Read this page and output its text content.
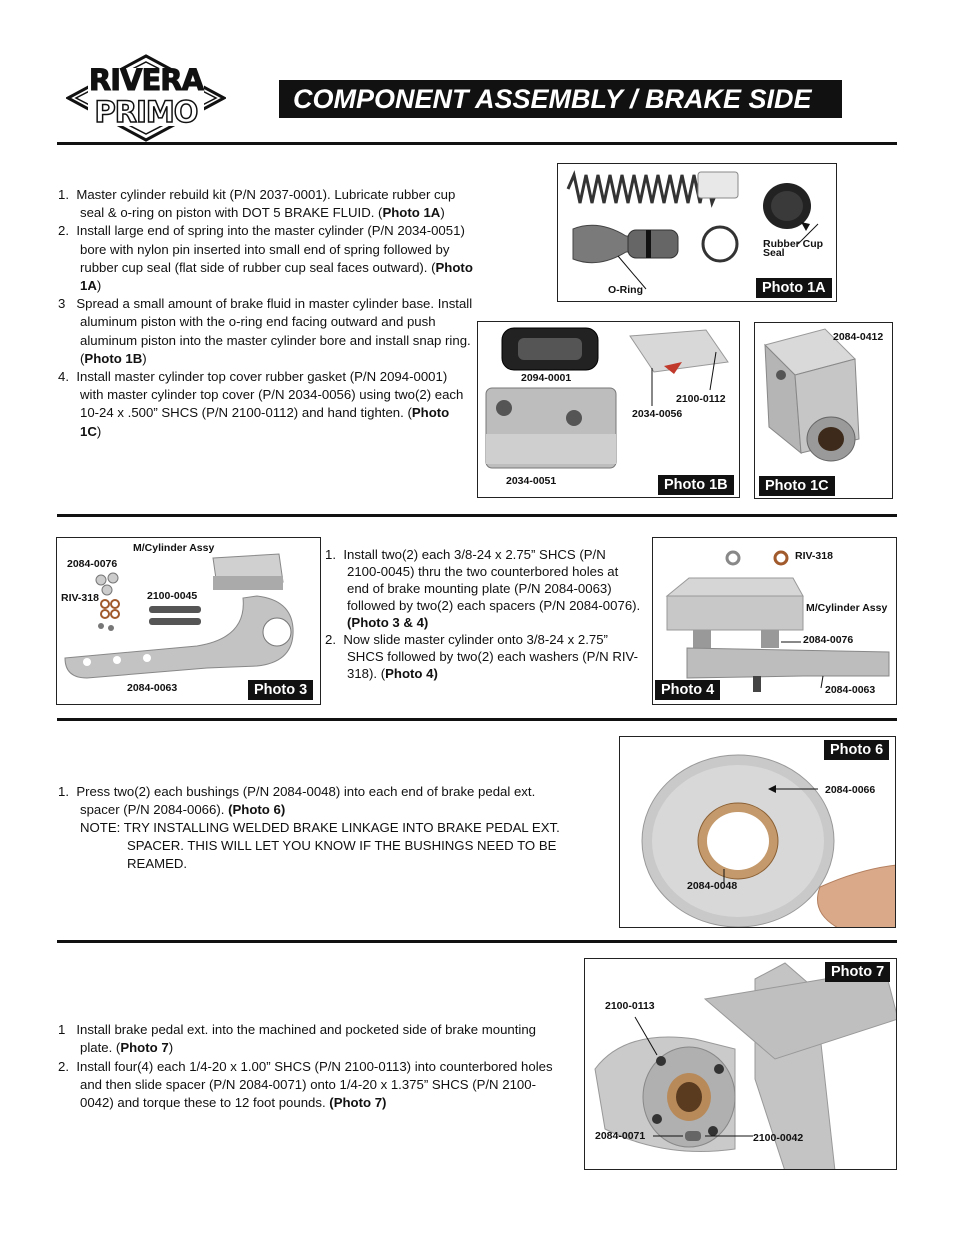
RIVERA
PRIMO	COMPONENT ASSEMBLY / BRAKE SIDE

1. Master cylinder rebuild kit (P/N 2037-0001). Lubricate rubber cup seal & o-ring on piston with DOT 5 BRAKE FLUID. (Photo 1A)

2. Install large end of spring into the master cylinder (P/N 2034-0051) bore with nylon pin inserted into small end of spring followed by rubber cup seal (flat side of rubber cup seal faces outward). (Photo 1A)

3 Spread a small amount of brake fluid in master cylinder base. Install aluminum piston with the o-ring end facing outward and push aluminum piston into the master cylinder bore and install snap ring. (Photo 1B)

4. Install master cylinder top cover rubber gasket (P/N 2094-0001) with master cylinder top cover (P/N 2034-0056) using two(2) each 10-24 x .500” SHCS (P/N 2100-0112) and hand tighten. (Photo 1C)

O-Ring
Rubber Cup
Seal
Photo 1A
2094-0001
2100-0112
2034-0056
2034-0051	Photo 1B
2084-0412
Photo 1C
M/Cylinder Assy
2084-0076
RIV-318	2100-0045
2084-0063	Photo 3

1. Install two(2) each 3/8-24 x 2.75” SHCS (P/N 2100-0045) thru the two counterbored holes at end of brake mounting plate (P/N 2084-0063) followed by two(2) each spacers (P/N 2084-0076). (Photo 3 & 4)

2. Now slide master cylinder onto 3/8-24 x 2.75” SHCS followed by two(2) each washers (P/N RIV-318). (Photo 4)

RIV-318
M/Cylinder Assy
2084-0076
2084-0063
Photo 4

1. Press two(2) each bushings (P/N 2084-0048) into each end of brake pedal ext. spacer (P/N 2084-0066). (Photo 6)

NOTE: TRY INSTALLING WELDED BRAKE LINKAGE INTO BRAKE PEDAL EXT. SPACER. THIS WILL LET YOU KNOW IF THE BUSHINGS NEED TO BE REAMED.

2084-0066
2084-0048
Photo 6

1 Install brake pedal ext. into the machined and pocketed side of brake mounting plate. (Photo 7)

2. Install four(4) each 1/4-20 x 1.00” SHCS (P/N 2100-0113) into counterbored holes and then slide spacer (P/N 2084-0071) onto 1/4-20 x 1.375” SHCS (P/N 2100-0042) and torque these to 12 foot pounds. (Photo 7)

2100-0113
2084-0071	2100-0042
Photo 7
